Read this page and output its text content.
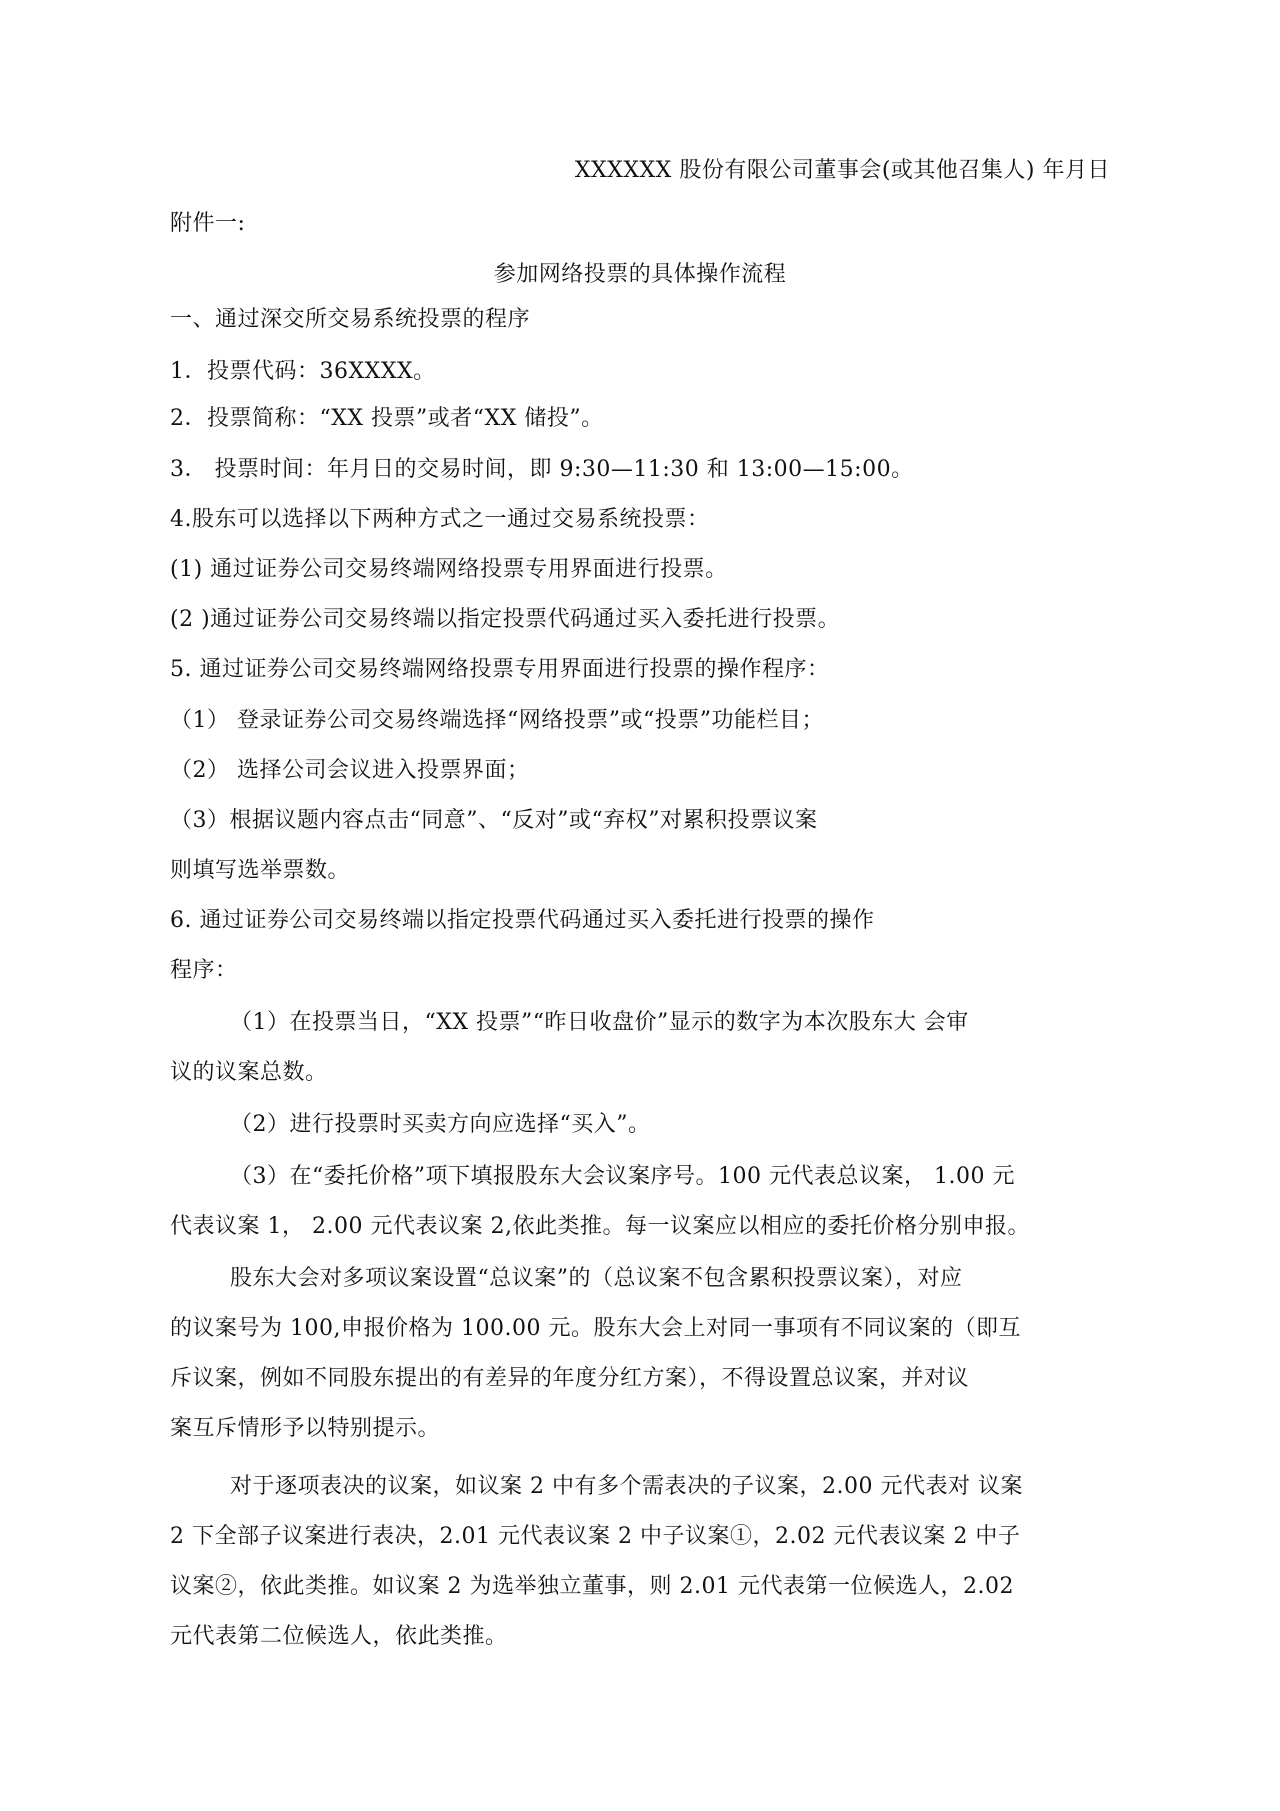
XXXXXX 股份有限公司董事会(或其他召集人) 年月日
附件一:
参加网络投票的具体操作流程
一、通过深交所交易系统投票的程序
1．投票代码：36XXXX。
2．投票简称：“XX 投票”或者“XX 储投”。
3． 投票时间：年月日的交易时间，即 9:30—11:30 和 13:00—15:00。
4.股东可以选择以下两种方式之一通过交易系统投票：
(1) 通过证券公司交易终端网络投票专用界面进行投票。
(2 )通过证券公司交易终端以指定投票代码通过买入委托进行投票。
5. 通过证券公司交易终端网络投票专用界面进行投票的操作程序：
（1） 登录证券公司交易终端选择“网络投票”或“投票”功能栏目；
（2） 选择公司会议进入投票界面；
（3）根据议题内容点击“同意”、“反对”或“弃权”对累积投票议案
则填写选举票数。
6. 通过证券公司交易终端以指定投票代码通过买入委托进行投票的操作
程序：
（1）在投票当日，“XX 投票”“昨日收盘价”显示的数字为本次股东大 会审
议的议案总数。
（2）进行投票时买卖方向应选择“买入”。
（3）在“委托价格”项下填报股东大会议案序号。100 元代表总议案， 1.00 元
代表议案 1， 2.00 元代表议案 2,依此类推。每一议案应以相应的委托价格分别申报。
股东大会对多项议案设置“总议案”的（总议案不包含累积投票议案），对应
的议案号为 100,申报价格为 100.00 元。股东大会上对同一事项有不同议案的（即互
斥议案，例如不同股东提出的有差异的年度分红方案），不得设置总议案，并对议
案互斥情形予以特别提示。
对于逐项表决的议案，如议案 2 中有多个需表决的子议案，2.00 元代表对 议案
2 下全部子议案进行表决，2.01 元代表议案 2 中子议案①，2.02 元代表议案 2 中子
议案②，依此类推。如议案 2 为选举独立董事，则 2.01 元代表第一位候选人，2.02
元代表第二位候选人，依此类推。
